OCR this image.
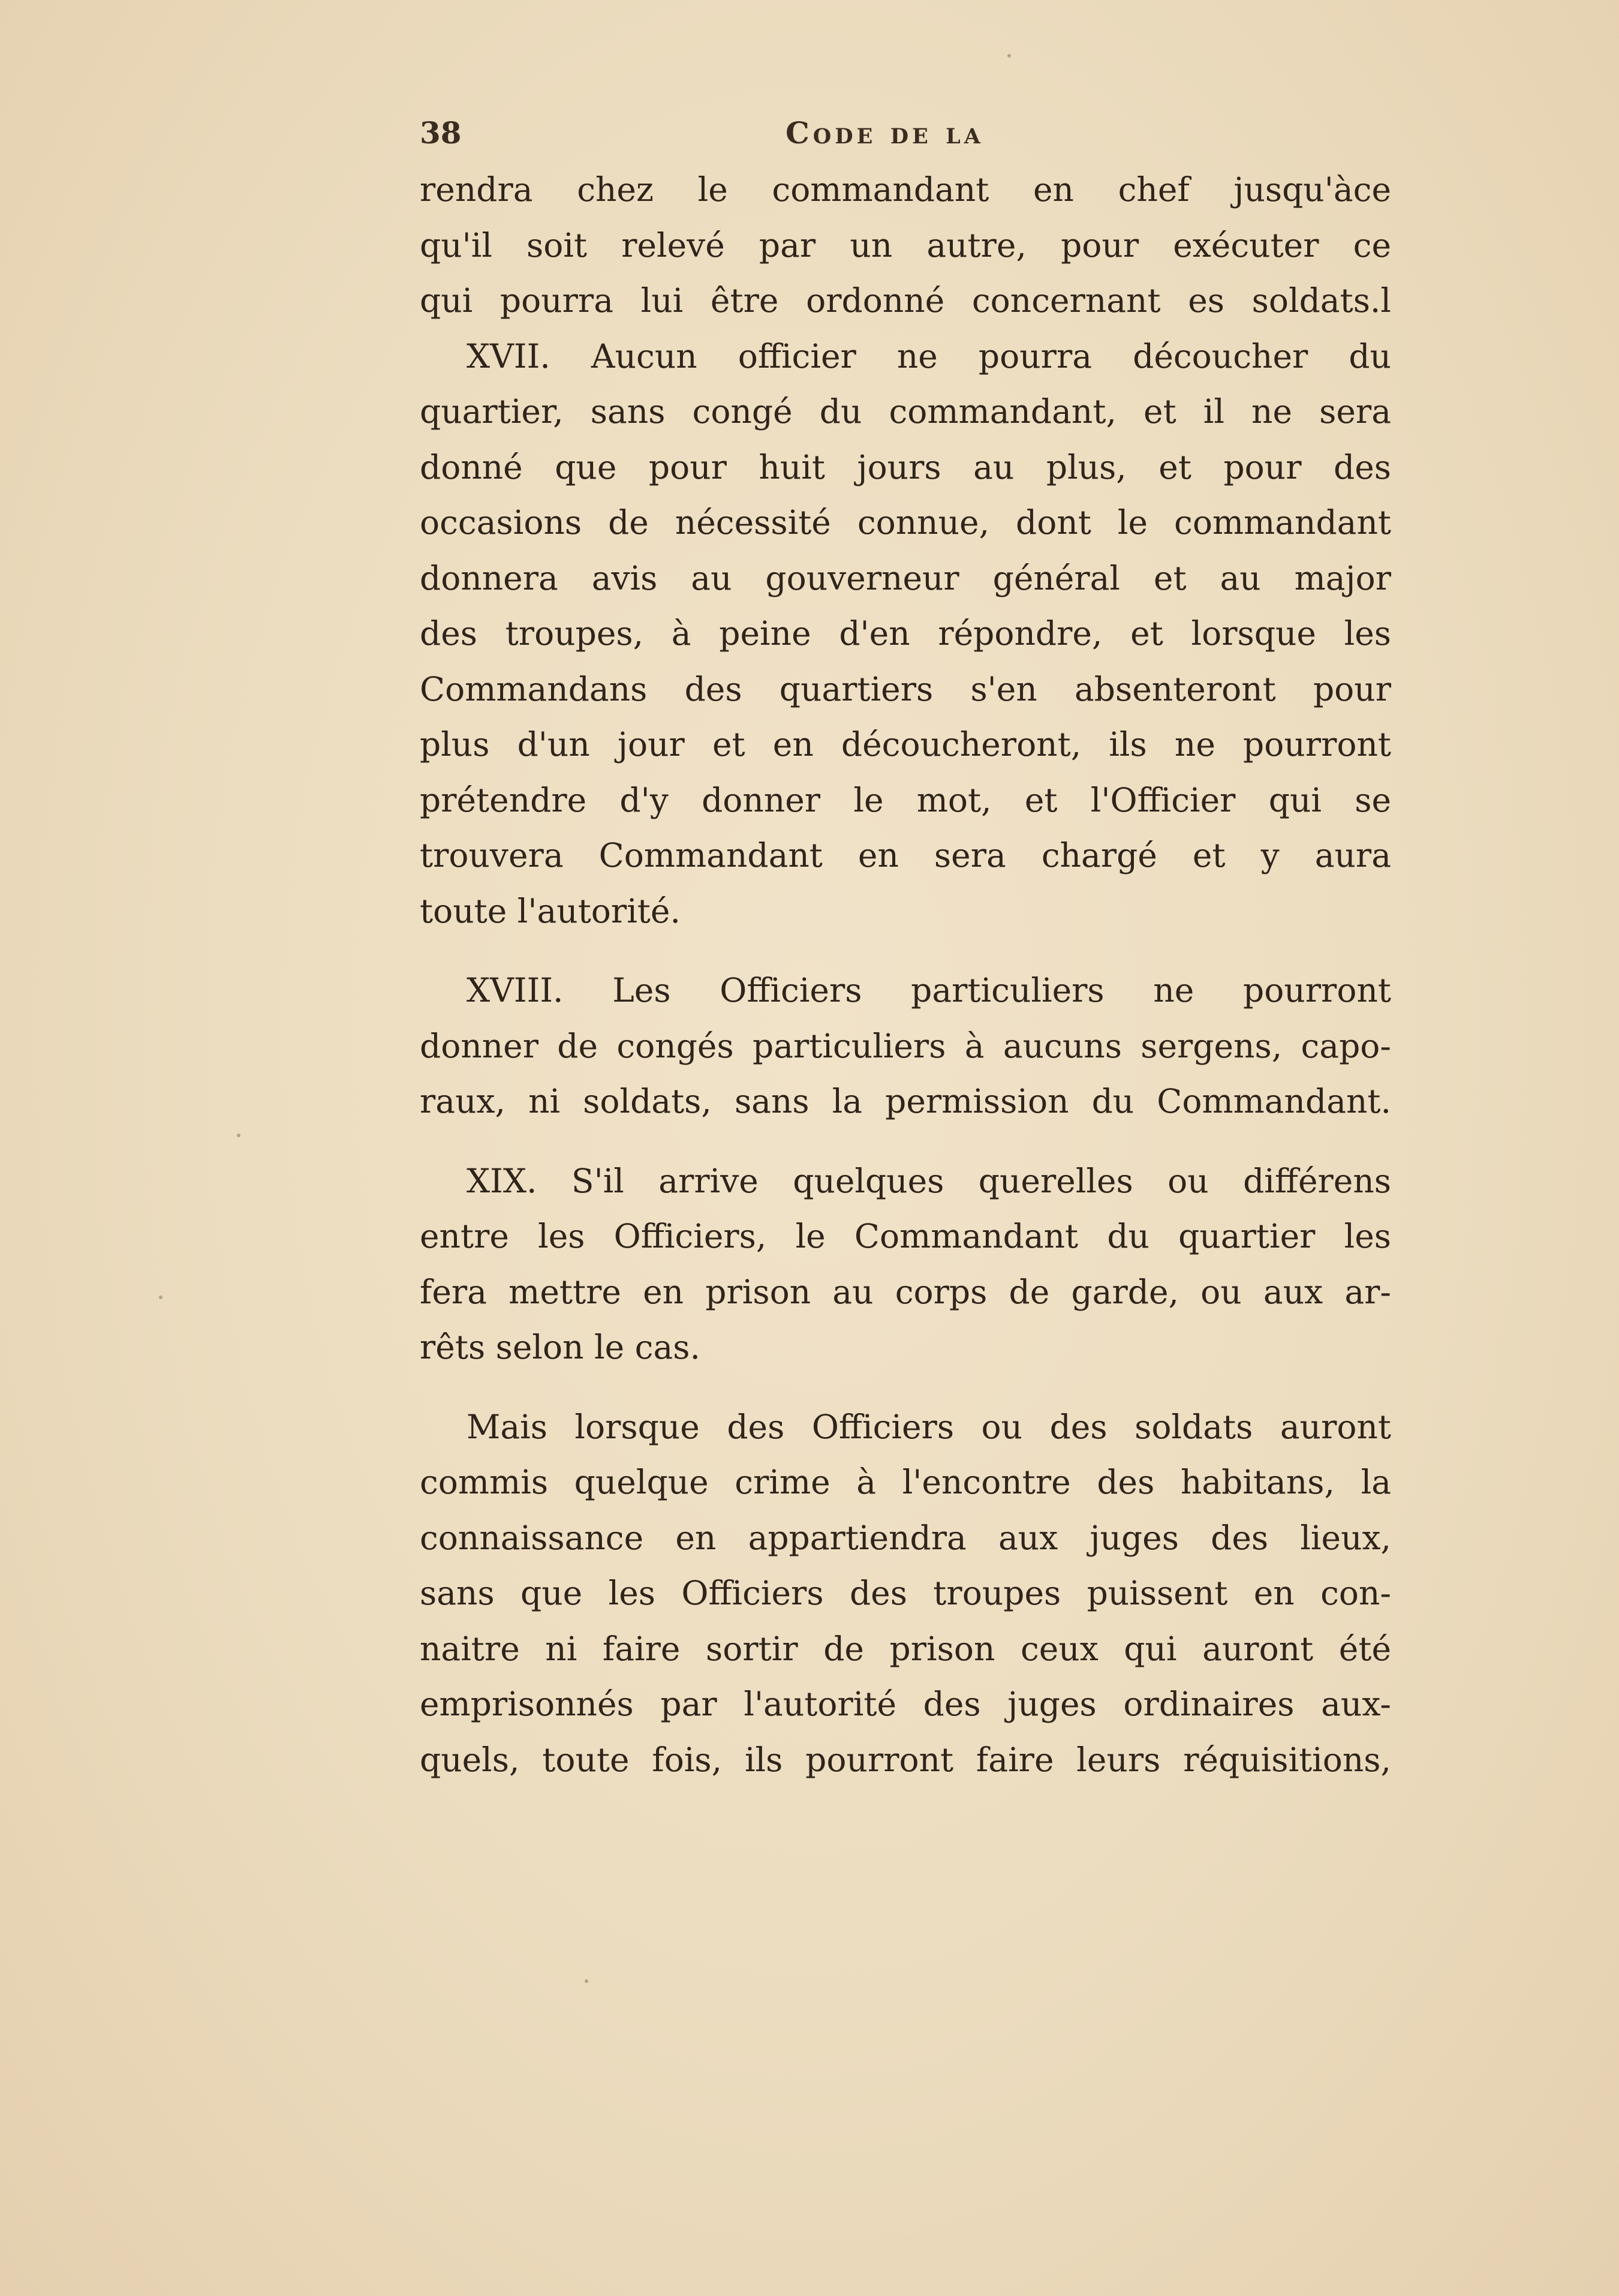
38	Code de la
rendra chez le commandant en chef jusqu'àce
qu'il soit relevé par un autre, pour exécuter ce
qui pourra lui être ordonné concernant es soldats.l
XVII. Aucun officier ne pourra découcher du
quartier, sans congé du commandant, et il ne sera
donné que pour huit jours au plus, et pour des
occasions de nécessité connue, dont le commandant
donnera avis au gouverneur général et au major
des troupes, à peine d'en répondre, et lorsque les
Commandans des quartiers s'en absenteront pour
plus d'un jour et en découcheront, ils ne pourront
prétendre d'y donner le mot, et l'Officier qui se
trouvera Commandant en sera chargé et y aura
toute l'autorité.
XVIII. Les Officiers particuliers ne pourront
donner de congés particuliers à aucuns sergens, capo-
raux, ni soldats, sans la permission du Commandant.
XIX. S'il arrive quelques querelles ou différens
entre les Officiers, le Commandant du quartier les
fera mettre en prison au corps de garde, ou aux ar-
rêts selon le cas.
Mais lorsque des Officiers ou des soldats auront
commis quelque crime à l'encontre des habitans, la
connaissance en appartiendra aux juges des lieux,
sans que les Officiers des troupes puissent en con-
naitre ni faire sortir de prison ceux qui auront été
emprisonnés par l'autorité des juges ordinaires aux-
quels, toute fois, ils pourront faire leurs réquisitions,
